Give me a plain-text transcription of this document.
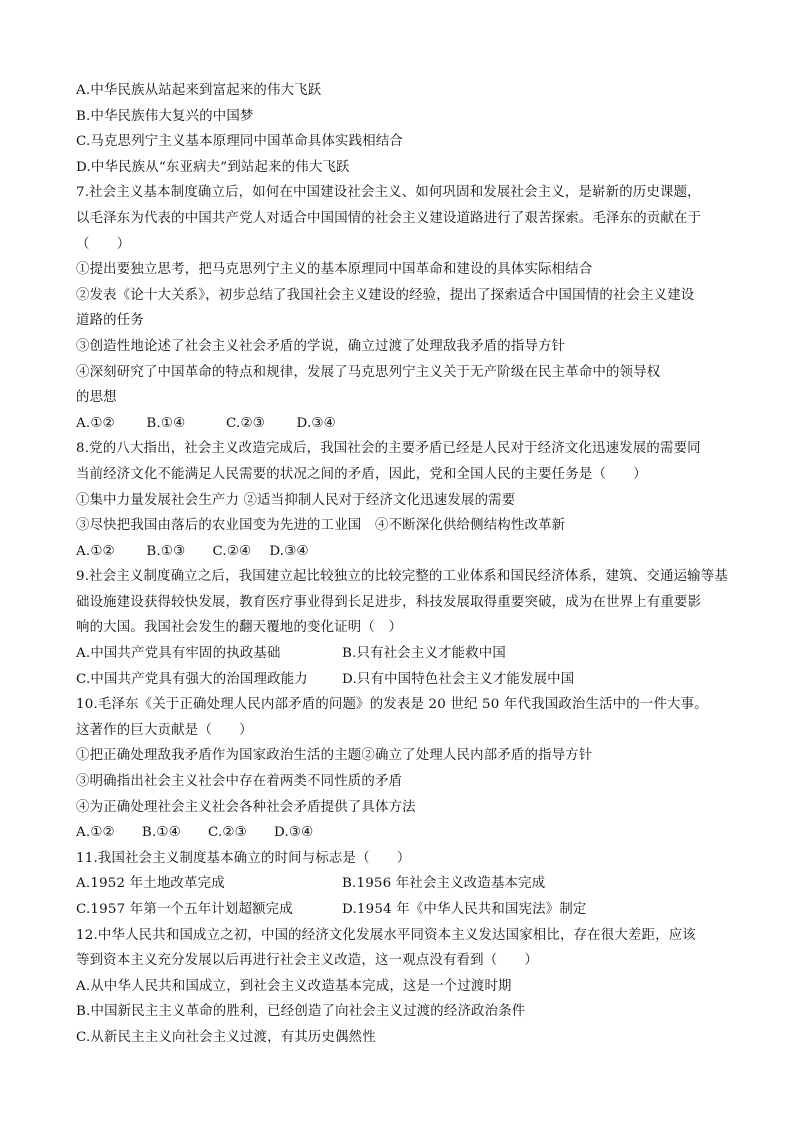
A.中华民族从站起来到富起来的伟大飞跃
B.中华民族伟大复兴的中国梦
C.马克思列宁主义基本原理同中国革命具体实践相结合
D.中华民族从“东亚病夫”到站起来的伟大飞跃
7.社会主义基本制度确立后，如何在中国建设社会主义、如何巩固和发展社会主义，是崭新的历史课题，
以毛泽东为代表的中国共产党人对适合中国国情的社会主义建设道路进行了艰苦探索。毛泽东的贡献在于
（　　）
①提出要独立思考，把马克思列宁主义的基本原理同中国革命和建设的具体实际相结合
②发表《论十大关系》，初步总结了我国社会主义建设的经验，提出了探索适合中国国情的社会主义建设
道路的任务
③创造性地论述了社会主义社会矛盾的学说，确立过渡了处理敌我矛盾的指导方针
④深刻研究了中国革命的特点和规律，发展了马克思列宁主义关于无产阶级在民主革命中的领导权
的思想
A.①②　　 B.①④　　　C.②③　　 D.③④
8.党的八大指出，社会主义改造完成后，我国社会的主要矛盾已经是人民对于经济文化迅速发展的需要同
当前经济文化不能满足人民需要的状况之间的矛盾，因此，党和全国人民的主要任务是（　　）
①集中力量发展社会生产力 ②适当抑制人民对于经济文化迅速发展的需要
③尽快把我国由落后的农业国变为先进的工业国　④不断深化供给侧结构性改革新
A.①②　　 B.①③　　C.②④　 D.③④
9.社会主义制度确立之后，我国建立起比较独立的比较完整的工业体系和国民经济体系，建筑、交通运输等基
础设施建设获得较快发展，教育医疗事业得到长足进步，科技发展取得重要突破，成为在世界上有重要影
响的大国。我国社会发生的翻天覆地的变化证明（　）
A.中国共产党具有牢固的执政基础	B.只有社会主义才能救中国
C.中国共产党具有强大的治国理政能力	D.只有中国特色社会主义才能发展中国
10.毛泽东《关于正确处理人民内部矛盾的问题》的发表是 20 世纪 50 年代我国政治生活中的一件大事。
这著作的巨大贡献是（　　）
①把正确处理敌我矛盾作为国家政治生活的主题②确立了处理人民内部矛盾的指导方针
③明确指出社会主义社会中存在着两类不同性质的矛盾
④为正确处理社会主义社会各种社会矛盾提供了具体方法
A.①②　　B.①④　　C.②③　　D.③④
11.我国社会主义制度基本确立的时间与标志是（　　）
A.1952 年土地改革完成	B.1956 年社会主义改造基本完成
C.1957 年第一个五年计划超额完成	D.1954 年《中华人民共和国宪法》制定
12.中华人民共和国成立之初，中国的经济文化发展水平同资本主义发达国家相比，存在很大差距，应该
等到资本主义充分发展以后再进行社会主义改造，这一观点没有看到（　　）
A.从中华人民共和国成立，到社会主义改造基本完成，这是一个过渡时期
B.中国新民主主义革命的胜利，已经创造了向社会主义过渡的经济政治条件
C.从新民主主义向社会主义过渡，有其历史偶然性
